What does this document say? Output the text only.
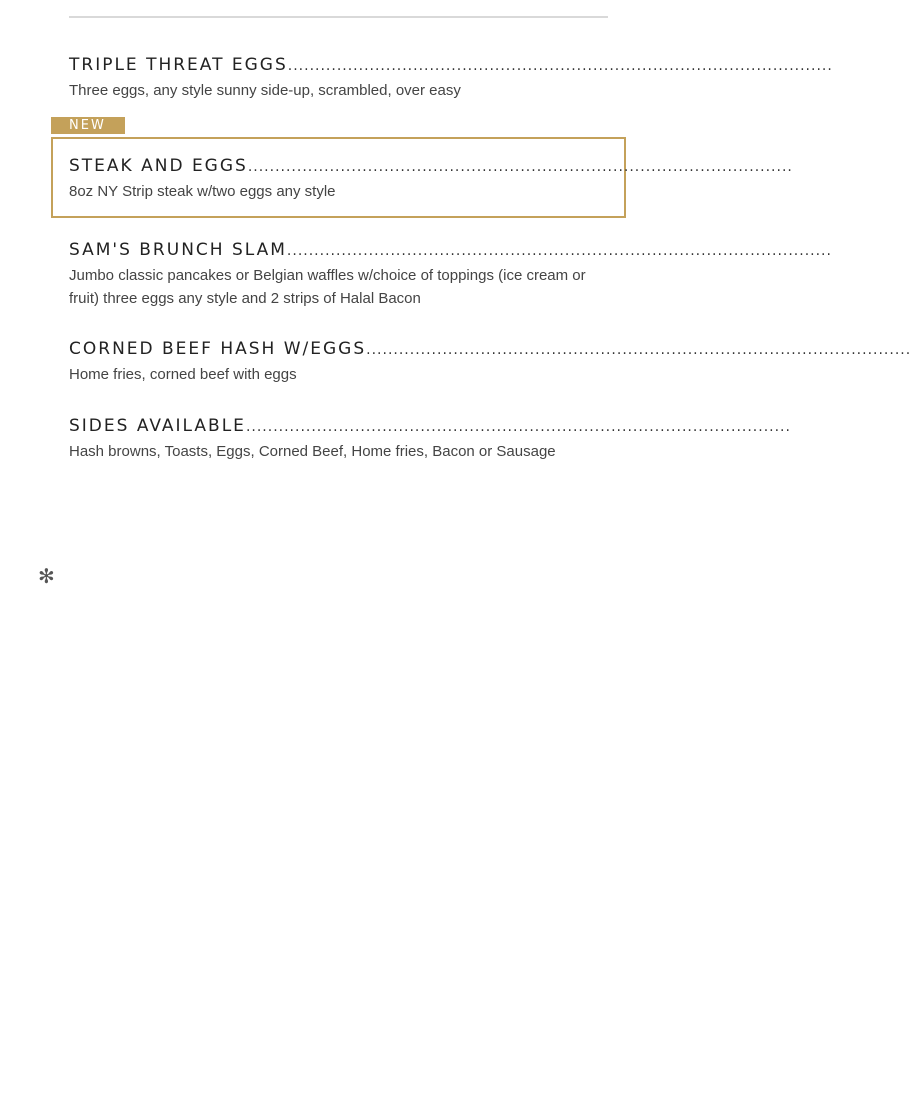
TRIPLE THREAT EGGS ....................................................................................................
Three eggs, any style sunny side-up, scrambled, over easy
NEW
STEAK AND EGGS ....................................................................................................
8oz NY Strip steak w/two eggs any style
SAM'S BRUNCH SLAM ....................................................................................................
Jumbo classic pancakes or Belgian waffles w/choice of toppings (ice cream or fruit) three eggs any style and 2 strips of Halal Bacon
CORNED BEEF HASH W/EGGS ....................................................................................................
Home fries, corned beef with eggs
SIDES AVAILABLE ....................................................................................................
Hash browns, Toasts, Eggs, Corned Beef, Home fries, Bacon or Sausage
✻
